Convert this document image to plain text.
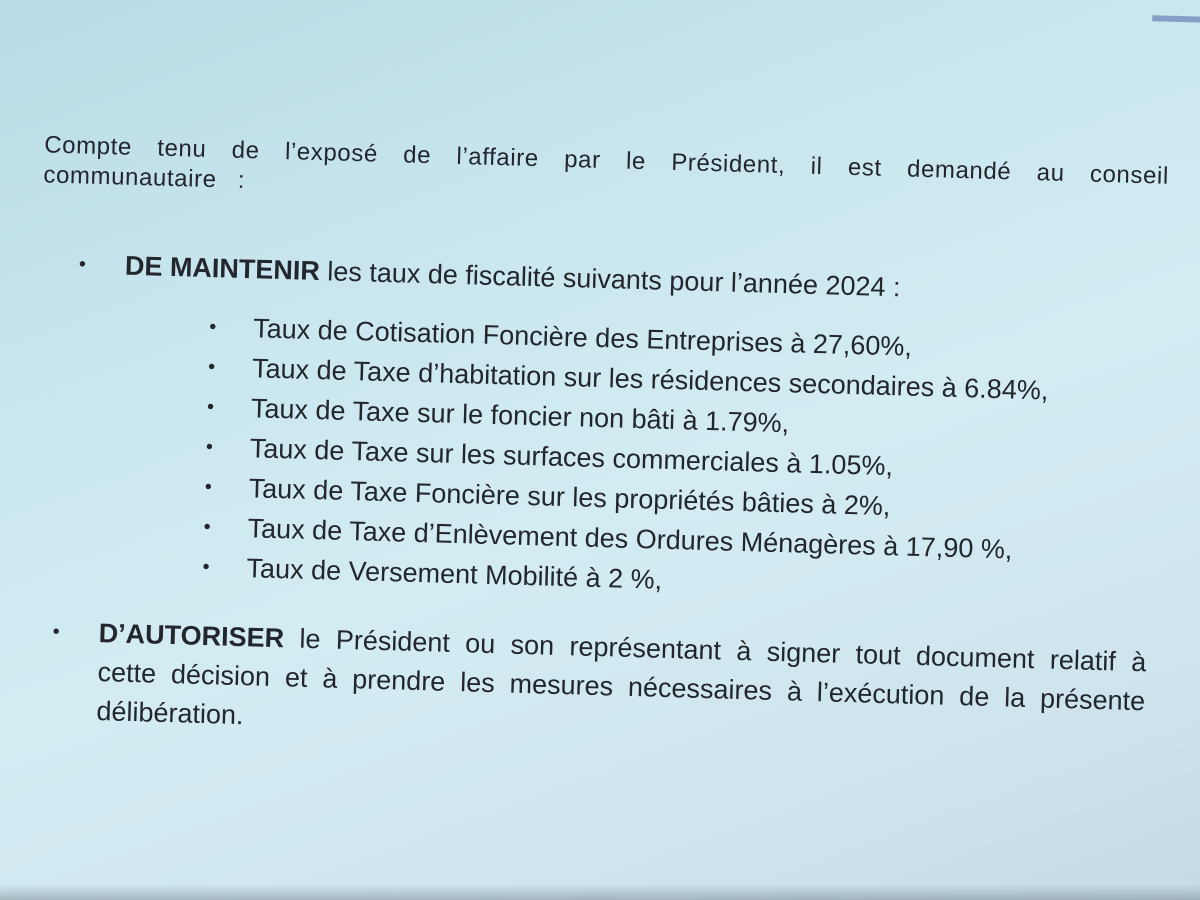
Compte tenu de l’exposé de l’affaire par le Président, il est demandé au conseil communautaire :

• DE MAINTENIR les taux de fiscalité suivants pour l’année 2024 :
• Taux de Cotisation Foncière des Entreprises à 27,60%,
• Taux de Taxe d’habitation sur les résidences secondaires à 6.84%,
• Taux de Taxe sur le foncier non bâti à 1.79%,
• Taux de Taxe sur les surfaces commerciales à 1.05%,
• Taux de Taxe Foncière sur les propriétés bâties à 2%,
• Taux de Taxe d’Enlèvement des Ordures Ménagères à 17,90 %,
• Taux de Versement Mobilité à 2 %,
• D’AUTORISER le Président ou son représentant à signer tout document relatif à cette décision et à prendre les mesures nécessaires à l’exécution de la présente délibération.
